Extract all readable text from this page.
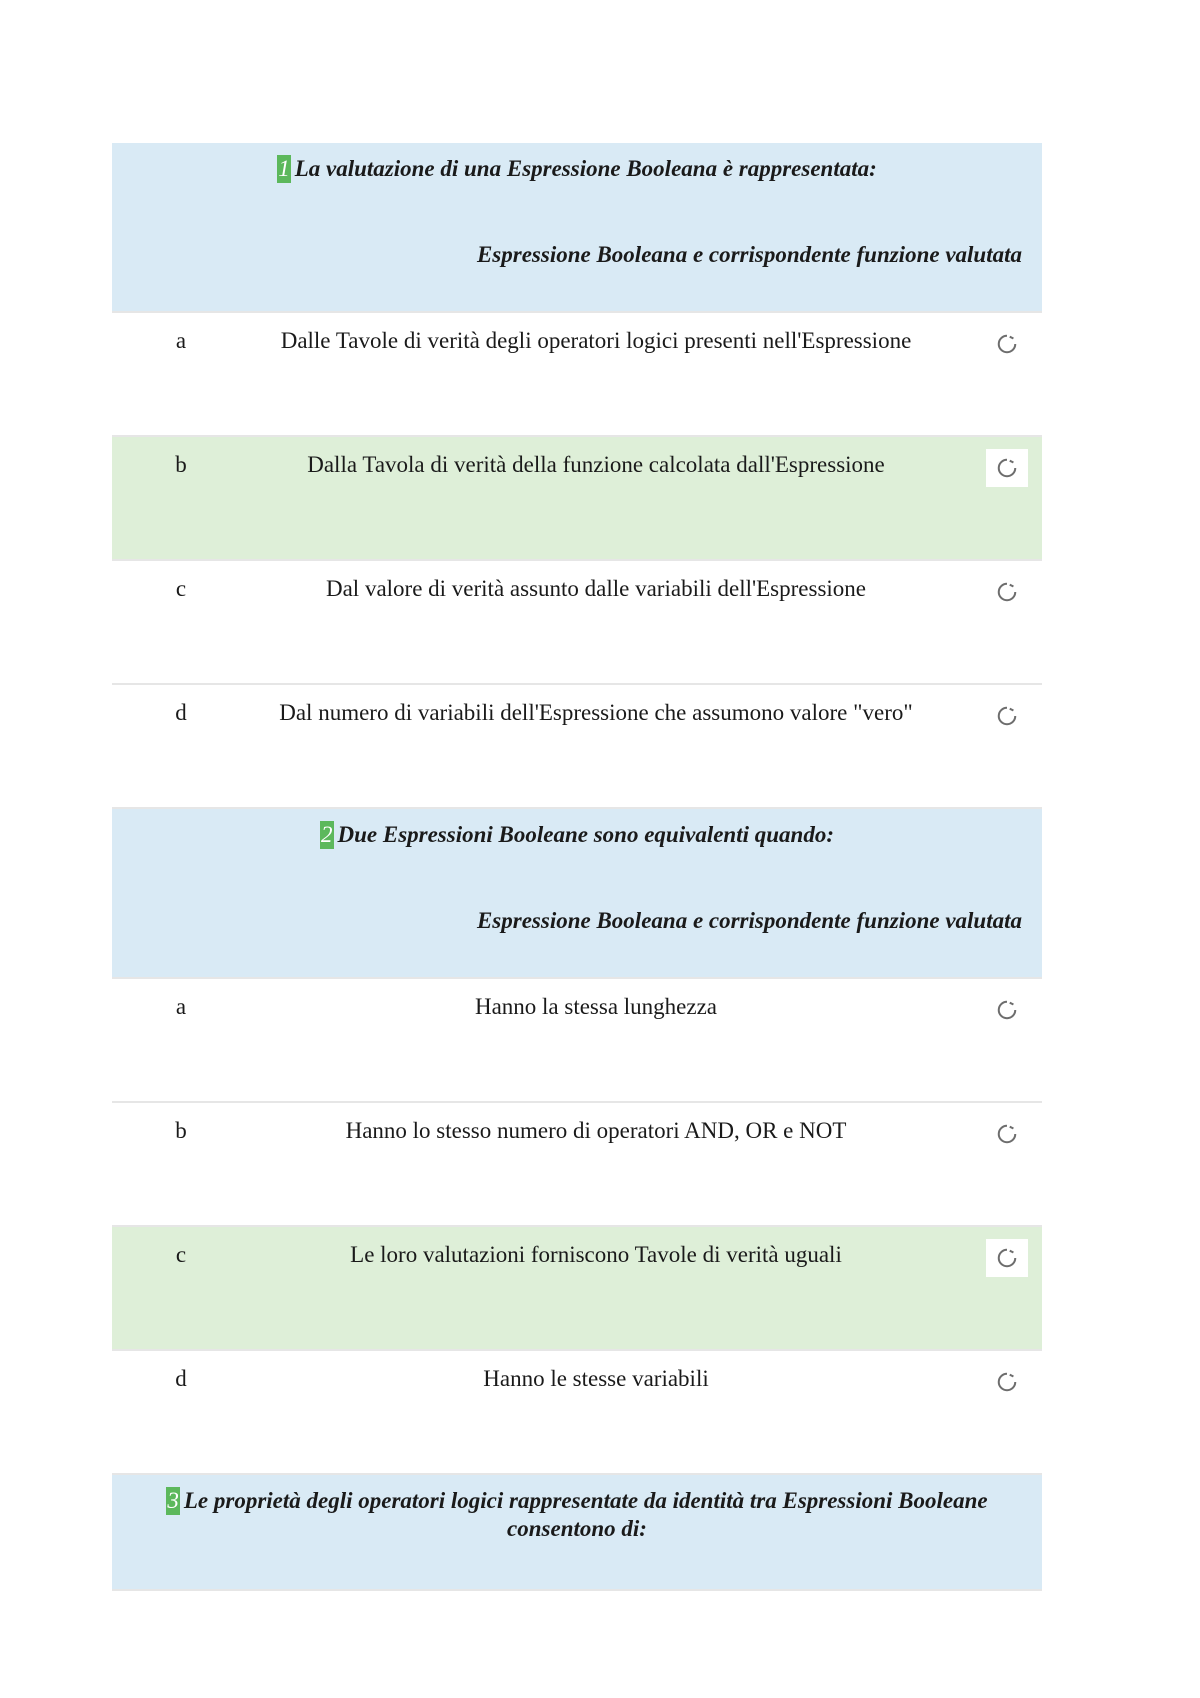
1 La valutazione di una Espressione Booleana è rappresentata:
Espressione Booleana e corrispondente funzione valutata
a	Dalle Tavole di verità degli operatori logici presenti nell'Espressione
b	Dalla Tavola di verità della funzione calcolata dall'Espressione
c	Dal valore di verità assunto dalle variabili dell'Espressione
d	Dal numero di variabili dell'Espressione che assumono valore "vero"
2 Due Espressioni Booleane sono equivalenti quando:
Espressione Booleana e corrispondente funzione valutata
a	Hanno la stessa lunghezza
b	Hanno lo stesso numero di operatori AND, OR e NOT
c	Le loro valutazioni forniscono Tavole di verità uguali
d	Hanno le stesse variabili
3 Le proprietà degli operatori logici rappresentate da identità tra Espressioni Booleane consentono di:
